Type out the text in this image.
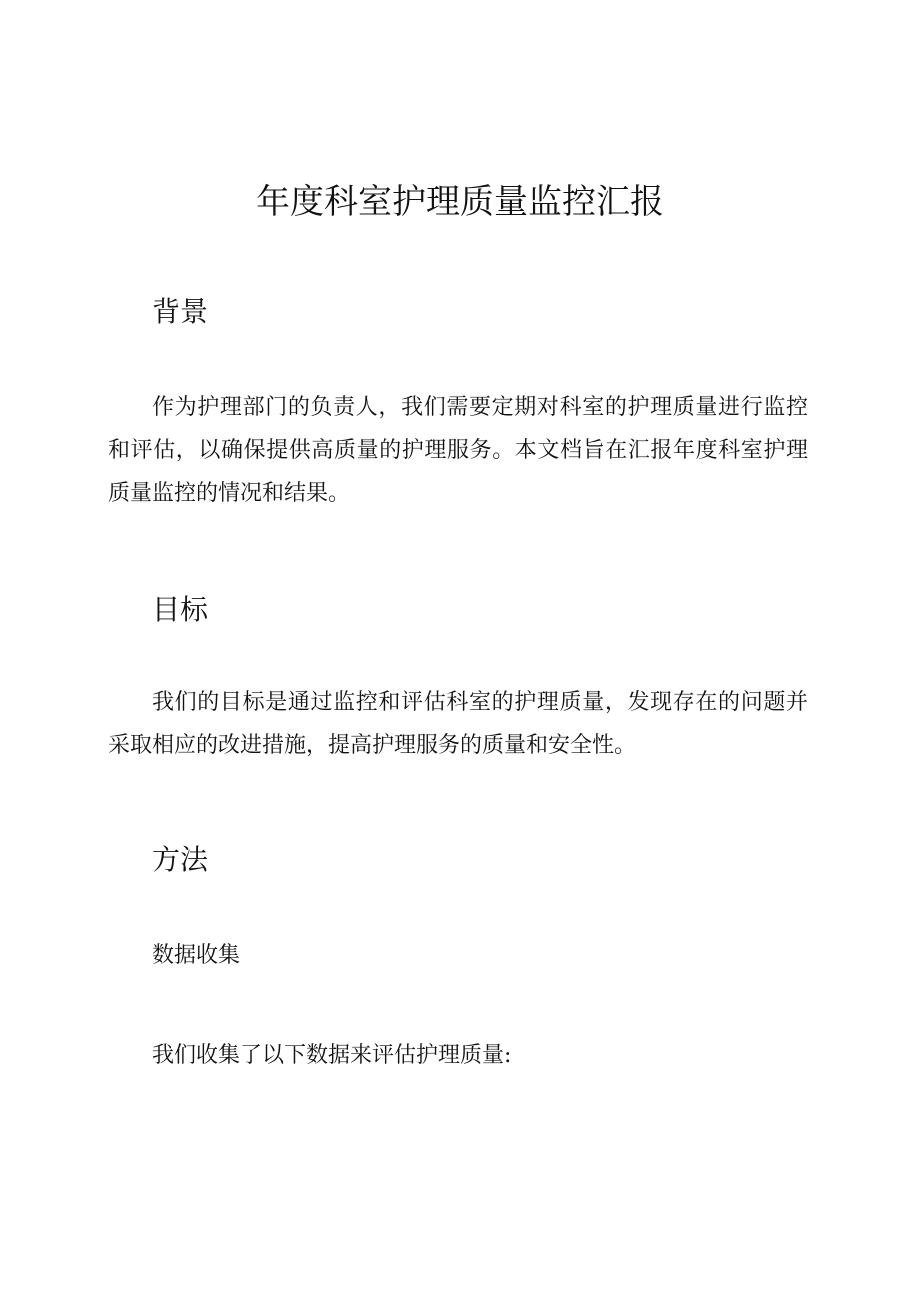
年度科室护理质量监控汇报
背景

作为护理部门的负责人，我们需要定期对科室的护理质量进行监控和评估，以确保提供高质量的护理服务。本文档旨在汇报年度科室护理质量监控的情况和结果。

目标

我们的目标是通过监控和评估科室的护理质量，发现存在的问题并采取相应的改进措施，提高护理服务的质量和安全性。

方法
数据收集

我们收集了以下数据来评估护理质量:
